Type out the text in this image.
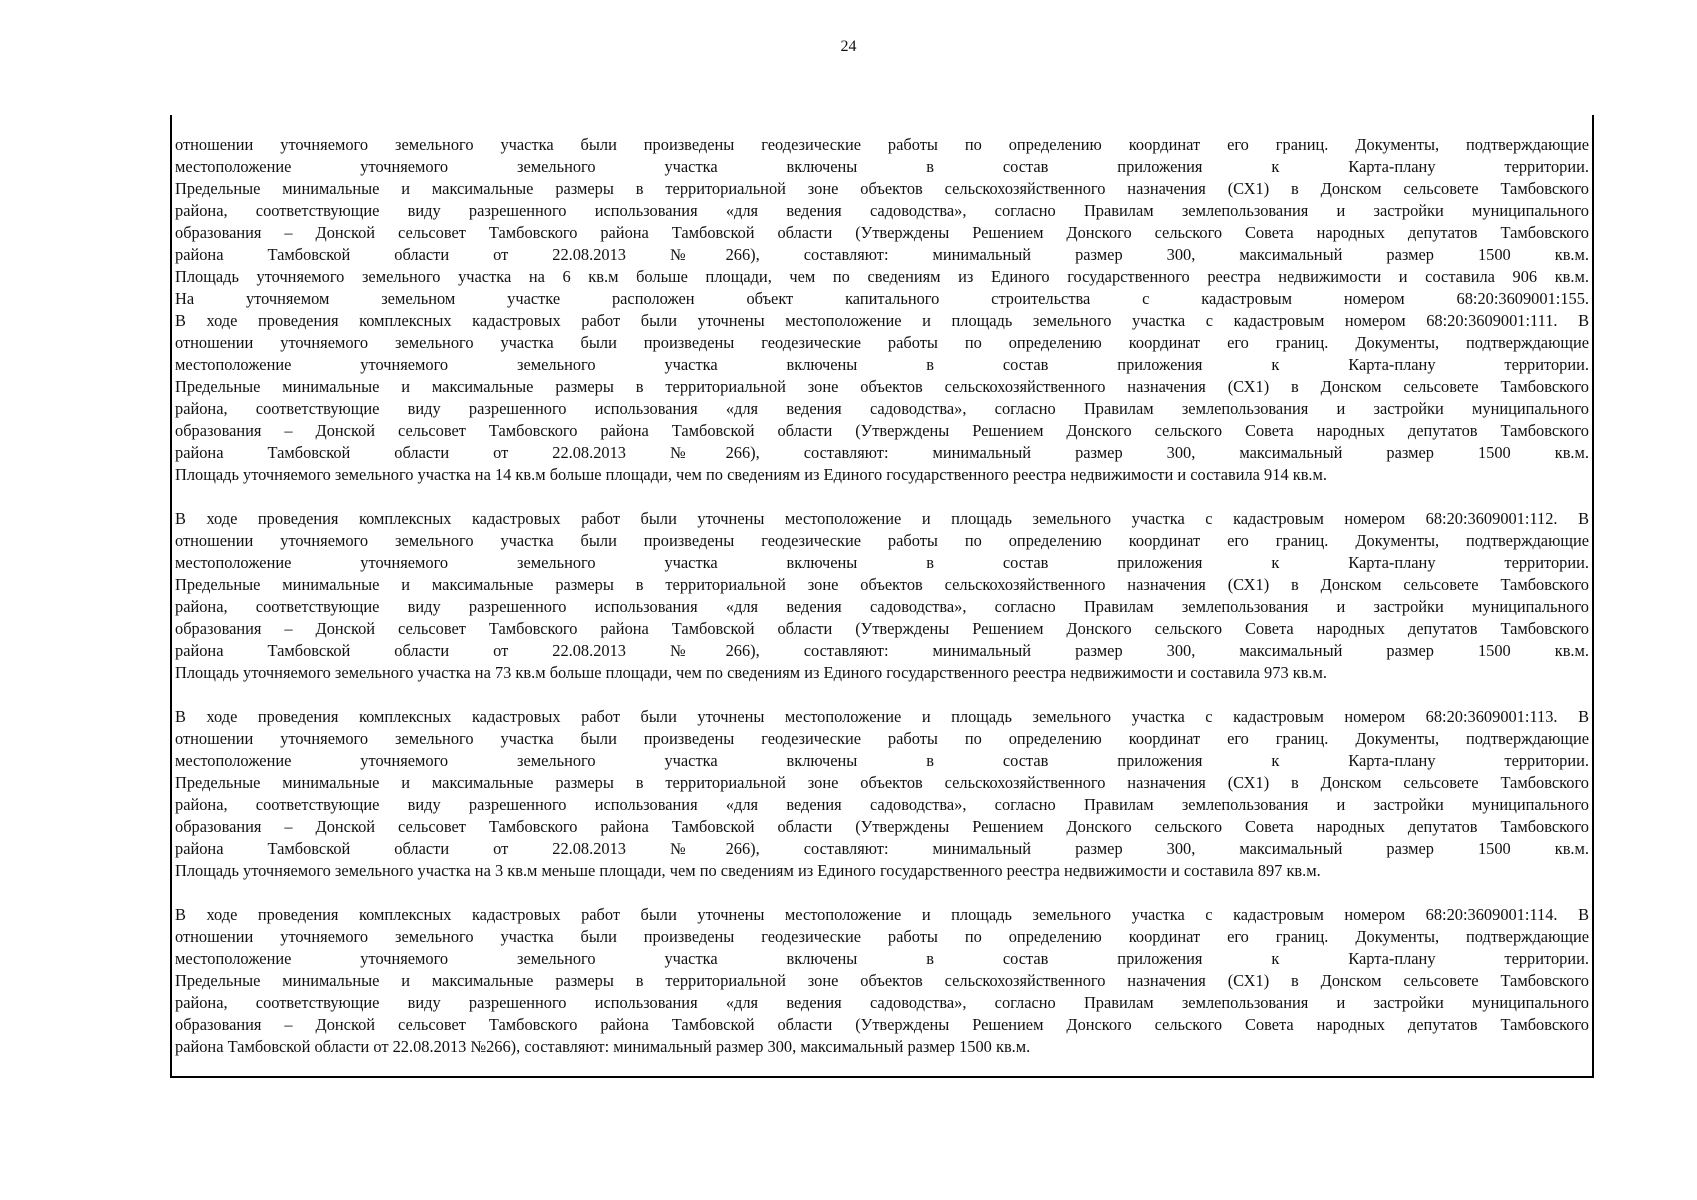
24
отношении уточняемого земельного участка были произведены геодезические работы по определению координат его границ. Документы, подтверждающие
местоположение уточняемого земельного участка включены в состав приложения к Карта-плану территории.
Предельные минимальные и максимальные размеры в территориальной зоне объектов сельскохозяйственного назначения (СХ1) в Донском сельсовете Тамбовского
района, соответствующие виду разрешенного использования «для ведения садоводства», согласно Правилам землепользования и застройки муниципального
образования – Донской сельсовет Тамбовского района Тамбовской области (Утверждены Решением Донского сельского Совета народных депутатов Тамбовского
района Тамбовской области от 22.08.2013 №266), составляют: минимальный размер 300, максимальный размер 1500 кв.м.
Площадь уточняемого земельного участка на 6 кв.м больше площади, чем по сведениям из Единого государственного реестра недвижимости и составила 906 кв.м.
На уточняемом земельном участке расположен объект капитального строительства с кадастровым номером 68:20:3609001:155.
В ходе проведения комплексных кадастровых работ были уточнены местоположение и площадь земельного участка с кадастровым номером 68:20:3609001:111. В
отношении уточняемого земельного участка были произведены геодезические работы по определению координат его границ. Документы, подтверждающие
местоположение уточняемого земельного участка включены в состав приложения к Карта-плану территории.
Предельные минимальные и максимальные размеры в территориальной зоне объектов сельскохозяйственного назначения (СХ1) в Донском сельсовете Тамбовского
района, соответствующие виду разрешенного использования «для ведения садоводства», согласно Правилам землепользования и застройки муниципального
образования – Донской сельсовет Тамбовского района Тамбовской области (Утверждены Решением Донского сельского Совета народных депутатов Тамбовского
района Тамбовской области от 22.08.2013 №266), составляют: минимальный размер 300, максимальный размер 1500 кв.м.
Площадь уточняемого земельного участка на 14 кв.м больше площади, чем по сведениям из Единого государственного реестра недвижимости и составила 914 кв.м.
В ходе проведения комплексных кадастровых работ были уточнены местоположение и площадь земельного участка с кадастровым номером 68:20:3609001:112. В
отношении уточняемого земельного участка были произведены геодезические работы по определению координат его границ. Документы, подтверждающие
местоположение уточняемого земельного участка включены в состав приложения к Карта-плану территории.
Предельные минимальные и максимальные размеры в территориальной зоне объектов сельскохозяйственного назначения (СХ1) в Донском сельсовете Тамбовского
района, соответствующие виду разрешенного использования «для ведения садоводства», согласно Правилам землепользования и застройки муниципального
образования – Донской сельсовет Тамбовского района Тамбовской области (Утверждены Решением Донского сельского Совета народных депутатов Тамбовского
района Тамбовской области от 22.08.2013 №266), составляют: минимальный размер 300, максимальный размер 1500 кв.м.
Площадь уточняемого земельного участка на 73 кв.м больше площади, чем по сведениям из Единого государственного реестра недвижимости и составила 973 кв.м.
В ходе проведения комплексных кадастровых работ были уточнены местоположение и площадь земельного участка с кадастровым номером 68:20:3609001:113. В
отношении уточняемого земельного участка были произведены геодезические работы по определению координат его границ. Документы, подтверждающие
местоположение уточняемого земельного участка включены в состав приложения к Карта-плану территории.
Предельные минимальные и максимальные размеры в территориальной зоне объектов сельскохозяйственного назначения (СХ1) в Донском сельсовете Тамбовского
района, соответствующие виду разрешенного использования «для ведения садоводства», согласно Правилам землепользования и застройки муниципального
образования – Донской сельсовет Тамбовского района Тамбовской области (Утверждены Решением Донского сельского Совета народных депутатов Тамбовского
района Тамбовской области от 22.08.2013 №266), составляют: минимальный размер 300, максимальный размер 1500 кв.м.
Площадь уточняемого земельного участка на 3 кв.м меньше площади, чем по сведениям из Единого государственного реестра недвижимости и составила 897 кв.м.
В ходе проведения комплексных кадастровых работ были уточнены местоположение и площадь земельного участка с кадастровым номером 68:20:3609001:114. В
отношении уточняемого земельного участка были произведены геодезические работы по определению координат его границ. Документы, подтверждающие
местоположение уточняемого земельного участка включены в состав приложения к Карта-плану территории.
Предельные минимальные и максимальные размеры в территориальной зоне объектов сельскохозяйственного назначения (СХ1) в Донском сельсовете Тамбовского
района, соответствующие виду разрешенного использования «для ведения садоводства», согласно Правилам землепользования и застройки муниципального
образования – Донской сельсовет Тамбовского района Тамбовской области (Утверждены Решением Донского сельского Совета народных депутатов Тамбовского
района Тамбовской области от 22.08.2013 №266), составляют: минимальный размер 300, максимальный размер 1500 кв.м.
